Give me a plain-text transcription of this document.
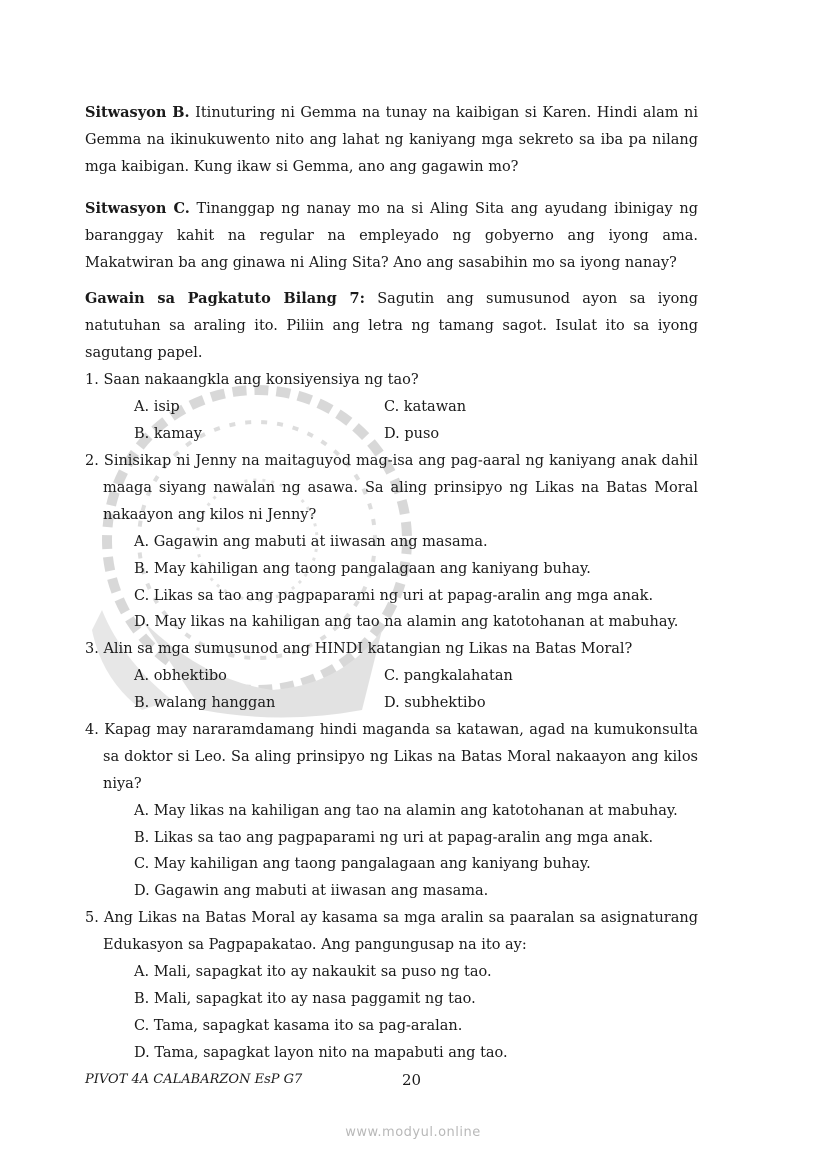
Sitwasyon B. Itinuturing ni Gemma na tunay na kaibigan si Karen. Hindi alam ni Gemma na ikinukuwento nito ang lahat ng kaniyang mga sekreto sa iba pa nilang mga kaibigan. Kung ikaw si Gemma, ano ang gagawin mo?
Sitwasyon C. Tinanggap ng nanay mo na si Aling Sita ang ayudang ibinigay ng baranggay kahit na regular na empleyado ng gobyerno ang iyong ama. Makatwiran ba ang ginawa ni Aling Sita? Ano ang sasabihin mo sa iyong nanay?
Gawain sa Pagkatuto Bilang 7: Sagutin ang sumusunod ayon sa iyong natutuhan sa araling ito. Piliin ang letra ng tamang sagot. Isulat ito sa iyong sagutang papel.
1. Saan nakaangkla ang konsiyensiya ng tao?
A. isip	C. katawan
B. kamay	D. puso
2. Sinisikap ni Jenny na maitaguyod mag-isa ang pag-aaral ng kaniyang anak dahil maaga siyang nawalan ng asawa. Sa aling prinsipyo ng Likas na Batas Moral nakaayon ang kilos ni Jenny?
A. Gagawin ang mabuti at iiwasan ang masama.
B. May kahiligan ang taong pangalagaan ang kaniyang buhay.
C. Likas sa tao ang pagpaparami ng uri at papag-aralin ang mga anak.
D. May likas na kahiligan ang tao na alamin ang katotohanan at mabuhay.
3. Alin sa mga sumusunod ang HINDI katangian ng Likas na Batas Moral?
A. obhektibo	C. pangkalahatan
B. walang hanggan	D. subhektibo
4. Kapag may nararamdamang hindi maganda sa katawan, agad na kumukonsulta sa doktor si Leo. Sa aling prinsipyo ng Likas na Batas Moral nakaayon ang kilos niya?
A. May likas na kahiligan ang tao na alamin ang katotohanan at mabuhay.
B. Likas sa tao ang pagpaparami ng uri at papag-aralin ang mga anak.
C. May kahiligan ang taong pangalagaan ang kaniyang buhay.
D. Gagawin ang mabuti at iiwasan ang masama.
5. Ang Likas na Batas Moral ay kasama sa mga aralin sa paaralan sa asignaturang Edukasyon sa Pagpapakatao. Ang pangungusap na ito ay:
A. Mali, sapagkat ito ay nakaukit sa puso ng tao.
B. Mali, sapagkat ito ay nasa paggamit ng tao.
C. Tama, sapagkat kasama ito sa pag-aralan.
D. Tama, sapagkat layon nito na mapabuti ang tao.
PIVOT 4A CALABARZON EsP G7	20
www.modyul.online
